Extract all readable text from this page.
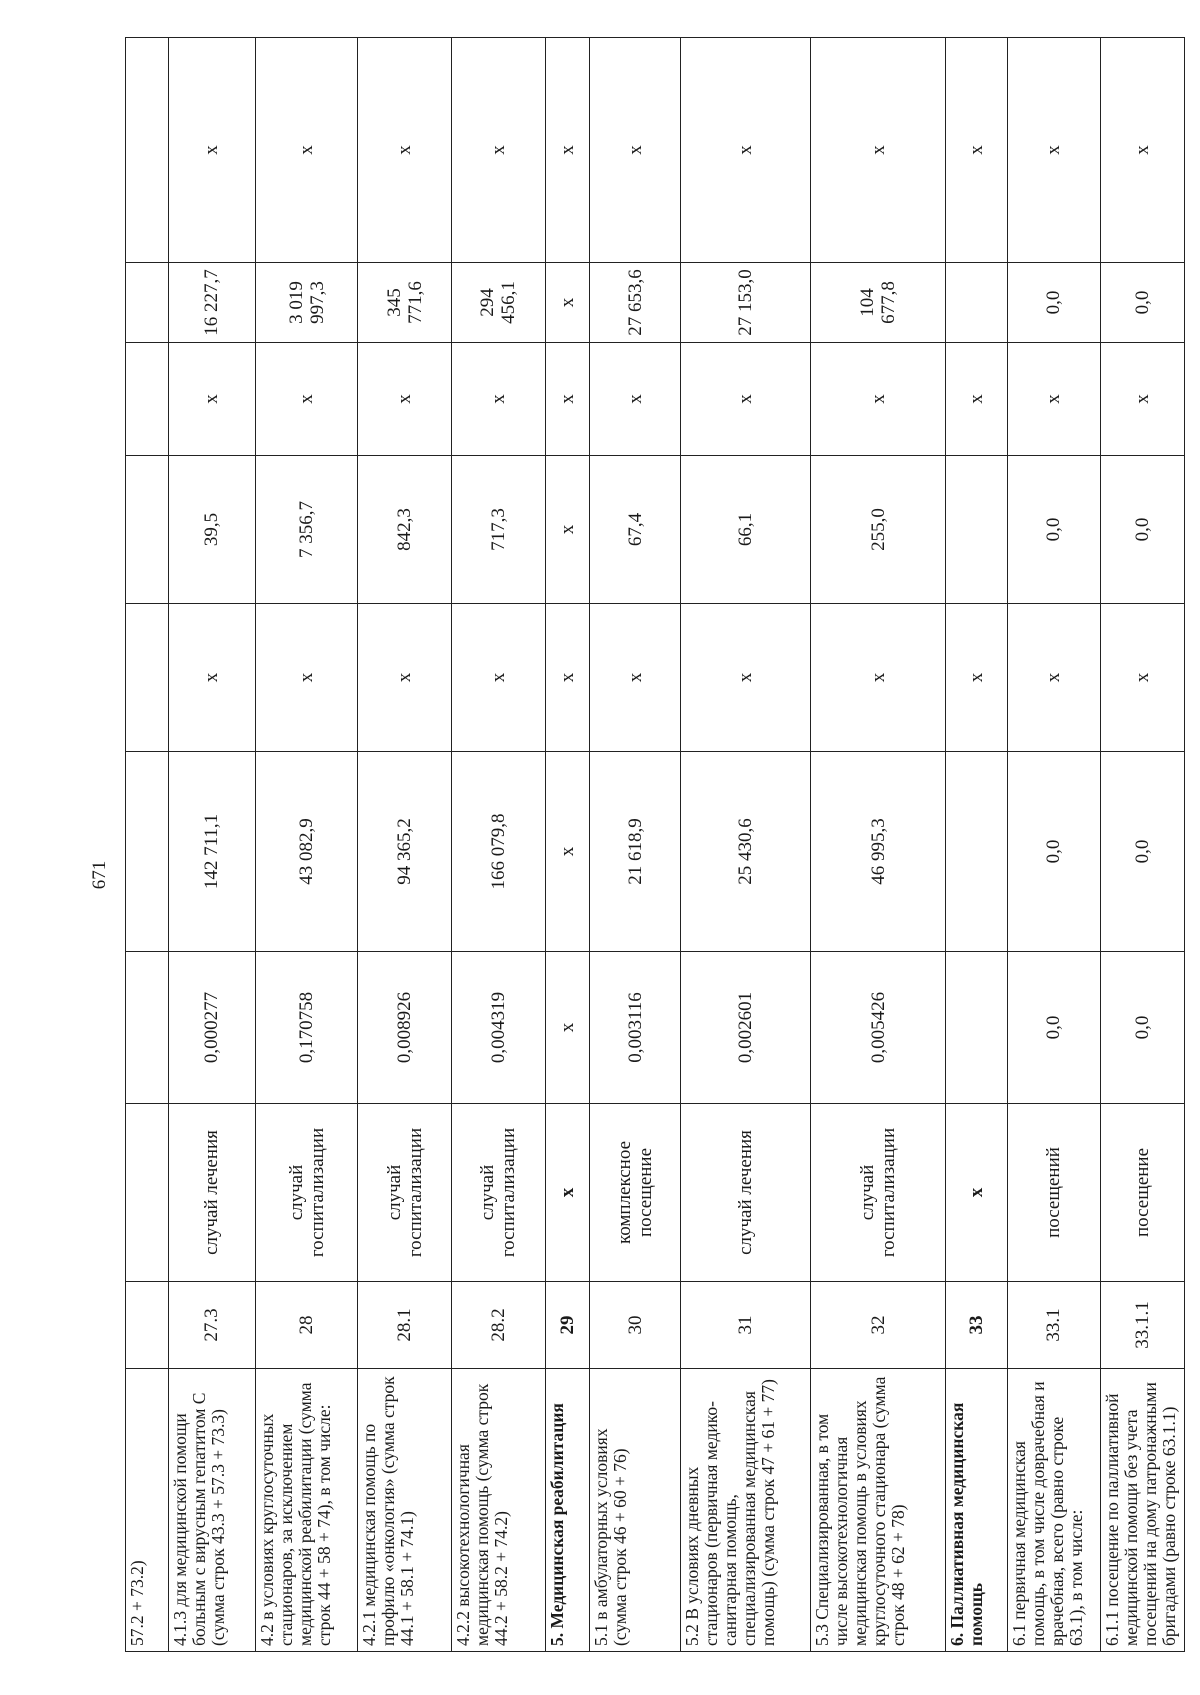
671
57.2 + 73.2)									
4.1.3 для медицинской помощи больным с вирусным гепатитом С (сумма строк 43.3 + 57.3 + 73.3)	27.3	случай лечения	0,000277	142 711,1	x	39,5	x	16 227,7	x
4.2 в условиях круглосуточных стационаров, за исключением медицинской реабилитации (сумма строк 44 + 58 + 74), в том числе:	28	случай госпитализации	0,170758	43 082,9	x	7 356,7	x	3 019 997,3	x
4.2.1 медицинская помощь по профилю «онкология» (сумма строк 44.1 + 58.1 + 74.1)	28.1	случай госпитализации	0,008926	94 365,2	x	842,3	x	345 771,6	x
4.2.2 высокотехнологичная медицинская помощь (сумма строк 44.2 + 58.2 + 74.2)	28.2	случай госпитализации	0,004319	166 079,8	x	717,3	x	294 456,1	x
5. Медицинская реабилитация	29	x	x	x	x	x	x	x	x
5.1 в амбулаторных условиях (сумма строк 46 + 60 + 76)	30	комплексное посещение	0,003116	21 618,9	x	67,4	x	27 653,6	x
5.2 В условиях дневных стационаров (первичная медико-санитарная помощь, специализированная медицинская помощь) (сумма строк 47 + 61 + 77)	31	случай лечения	0,002601	25 430,6	x	66,1	x	27 153,0	x
5.3 Специализированная, в том числе высокотехнологичная медицинская помощь в условиях круглосуточного стационара (сумма строк 48 + 62 + 78)	32	случай госпитализации	0,005426	46 995,3	x	255,0	x	104 677,8	x
6. Паллиативная медицинская помощь	33	x			x		x		x
6.1 первичная медицинская помощь, в том числе доврачебная и врачебная, всего (равно строке 63.1), в том числе:	33.1	посещений	0,0	0,0	x	0,0	x	0,0	x
6.1.1 посещение по паллиативной медицинской помощи без учета посещений на дому патронажными бригадами (равно строке 63.1.1)	33.1.1	посещение	0,0	0,0	x	0,0	x	0,0	x
